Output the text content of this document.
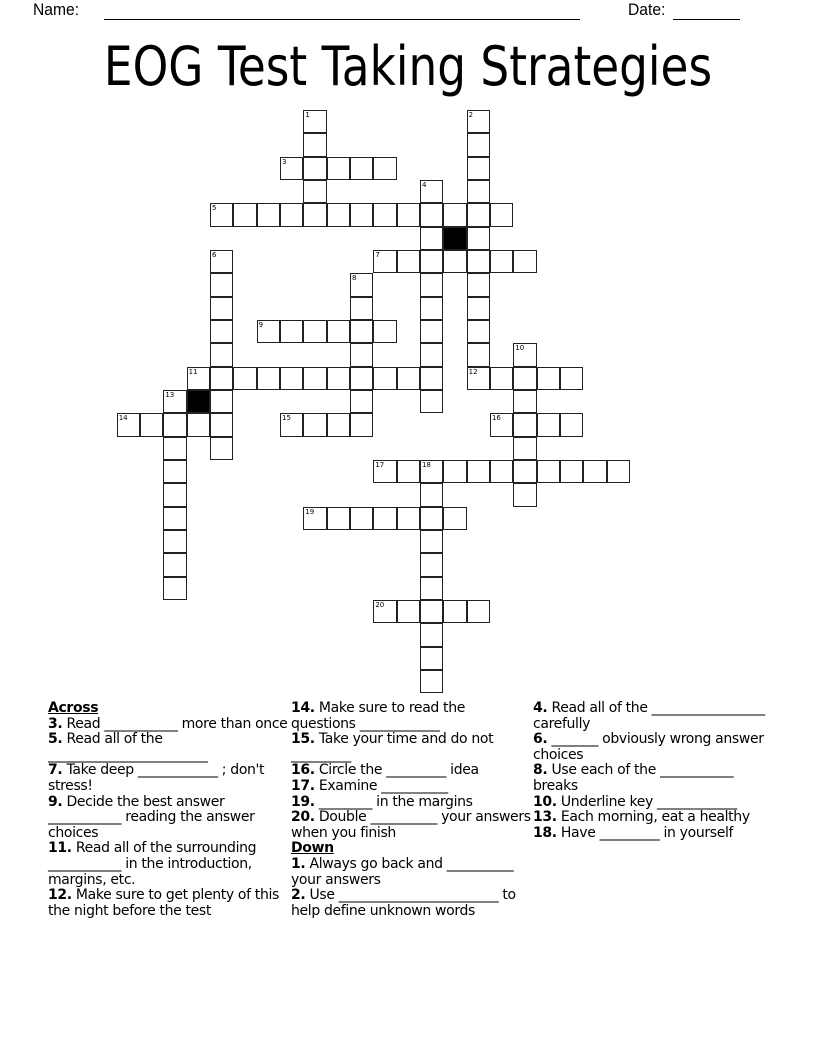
Name:	Date:
EOG Test Taking Strategies
3
5
7
9
11	12
14	15	16
17	18
19
20
1	2
4
6
8
10
13
Across
3. Read ___________ more than once
5. Read all of the ________________________
7. Take deep ____________ ; don't stress!
9. Decide the best answer ___________ reading the answer choices
11. Read all of the surrounding ___________ in the introduction, margins, etc.
12. Make sure to get plenty of this the night before the test
14. Make sure to read the questions ____________
15. Take your time and do not _________
16. Circle the _________ idea
17. Examine __________
19. ________ in the margins
20. Double __________ your answers when you finish
Down
1. Always go back and __________ your answers
2. Use ________________________ to help define unknown words
4. Read all of the _________________ carefully
6. _______ obviously wrong answer choices
8. Use each of the ___________ breaks
10. Underline key ____________
13. Each morning, eat a healthy
18. Have _________ in yourself
